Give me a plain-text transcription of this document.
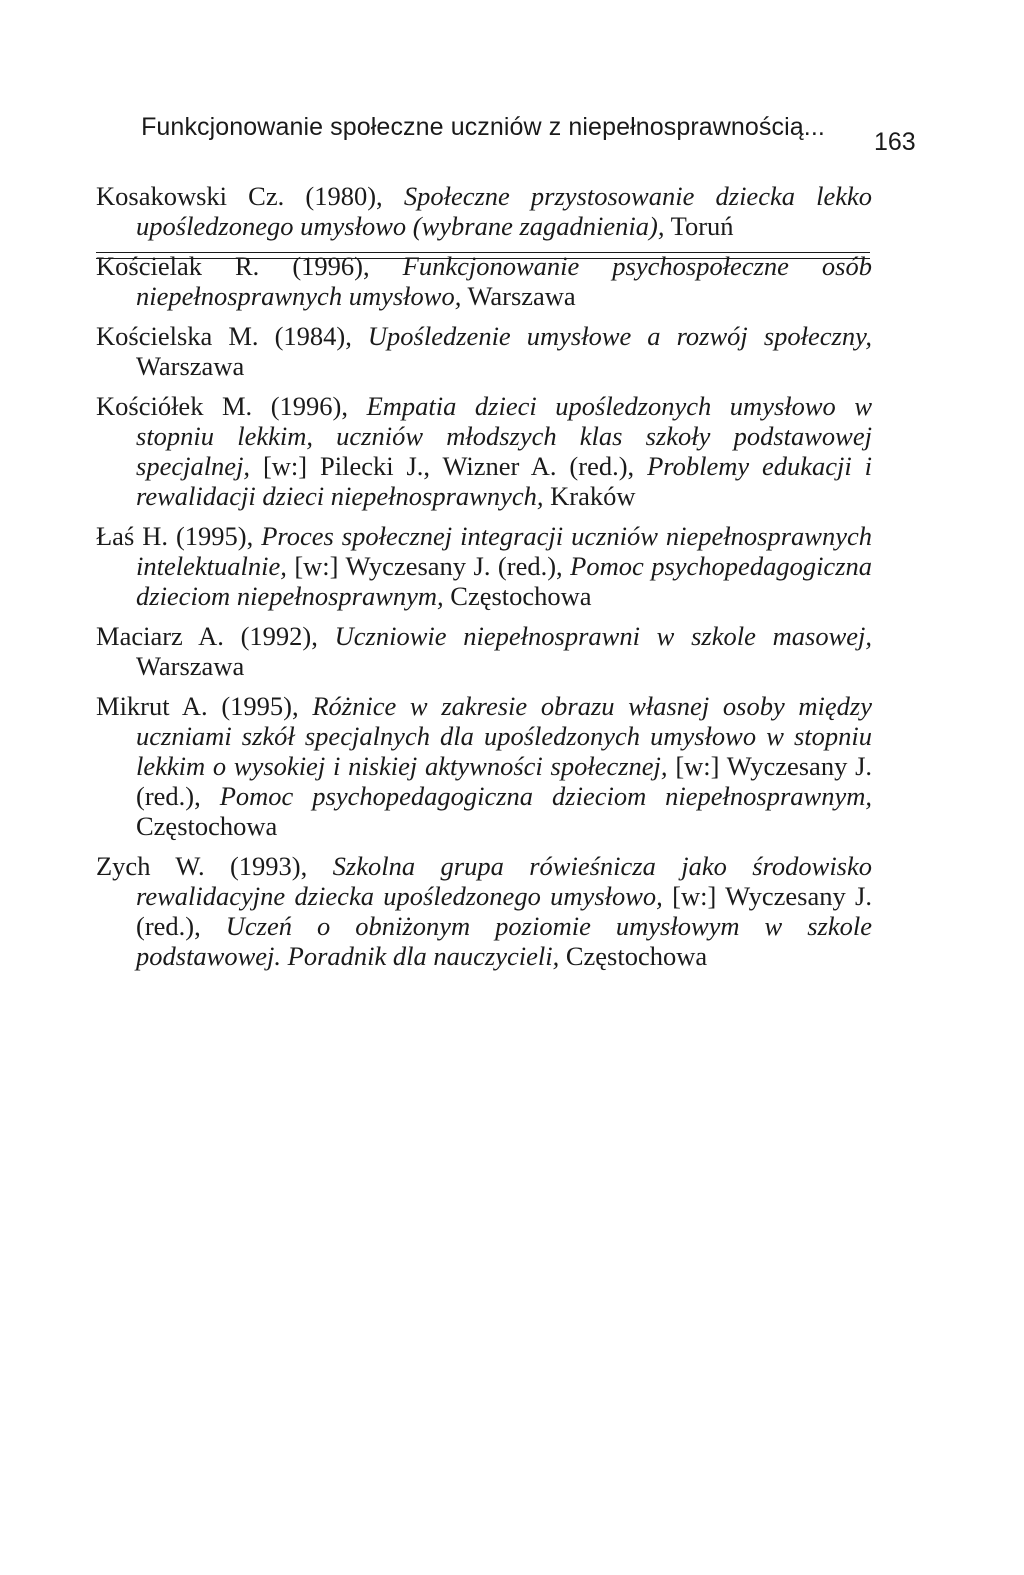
Funkcjonowanie społeczne uczniów z niepełnosprawnością...
163
Kosakowski Cz. (1980), Społeczne przystosowanie dziecka lekko upośledzonego umysłowo (wybrane zagadnienia), Toruń
Kościelak R. (1996), Funkcjonowanie psychospołeczne osób niepełnosprawnych umysłowo, Warszawa
Kościelska M. (1984), Upośledzenie umysłowe a rozwój społeczny, Warszawa
Kościółek M. (1996), Empatia dzieci upośledzonych umysłowo w stopniu lekkim, uczniów młodszych klas szkoły podstawowej specjalnej, [w:] Pilecki J., Wizner A. (red.), Problemy edukacji i rewalidacji dzieci niepełnosprawnych, Kraków
Łaś H. (1995), Proces społecznej integracji uczniów niepełnosprawnych intelektualnie, [w:] Wyczesany J. (red.), Pomoc psychopedagogiczna dzieciom niepełnosprawnym, Częstochowa
Maciarz A. (1992), Uczniowie niepełnosprawni w szkole masowej, Warszawa
Mikrut A. (1995), Różnice w zakresie obrazu własnej osoby między uczniami szkół specjalnych dla upośledzonych umysłowo w stopniu lekkim o wysokiej i niskiej aktywności społecznej, [w:] Wyczesany J. (red.), Pomoc psychopedagogiczna dzieciom niepełnosprawnym, Częstochowa
Zych W. (1993), Szkolna grupa rówieśnicza jako środowisko rewalidacyjne dziecka upośledzonego umysłowo, [w:] Wyczesany J. (red.), Uczeń o obniżonym poziomie umysłowym w szkole podstawowej. Poradnik dla nauczycieli, Częstochowa
